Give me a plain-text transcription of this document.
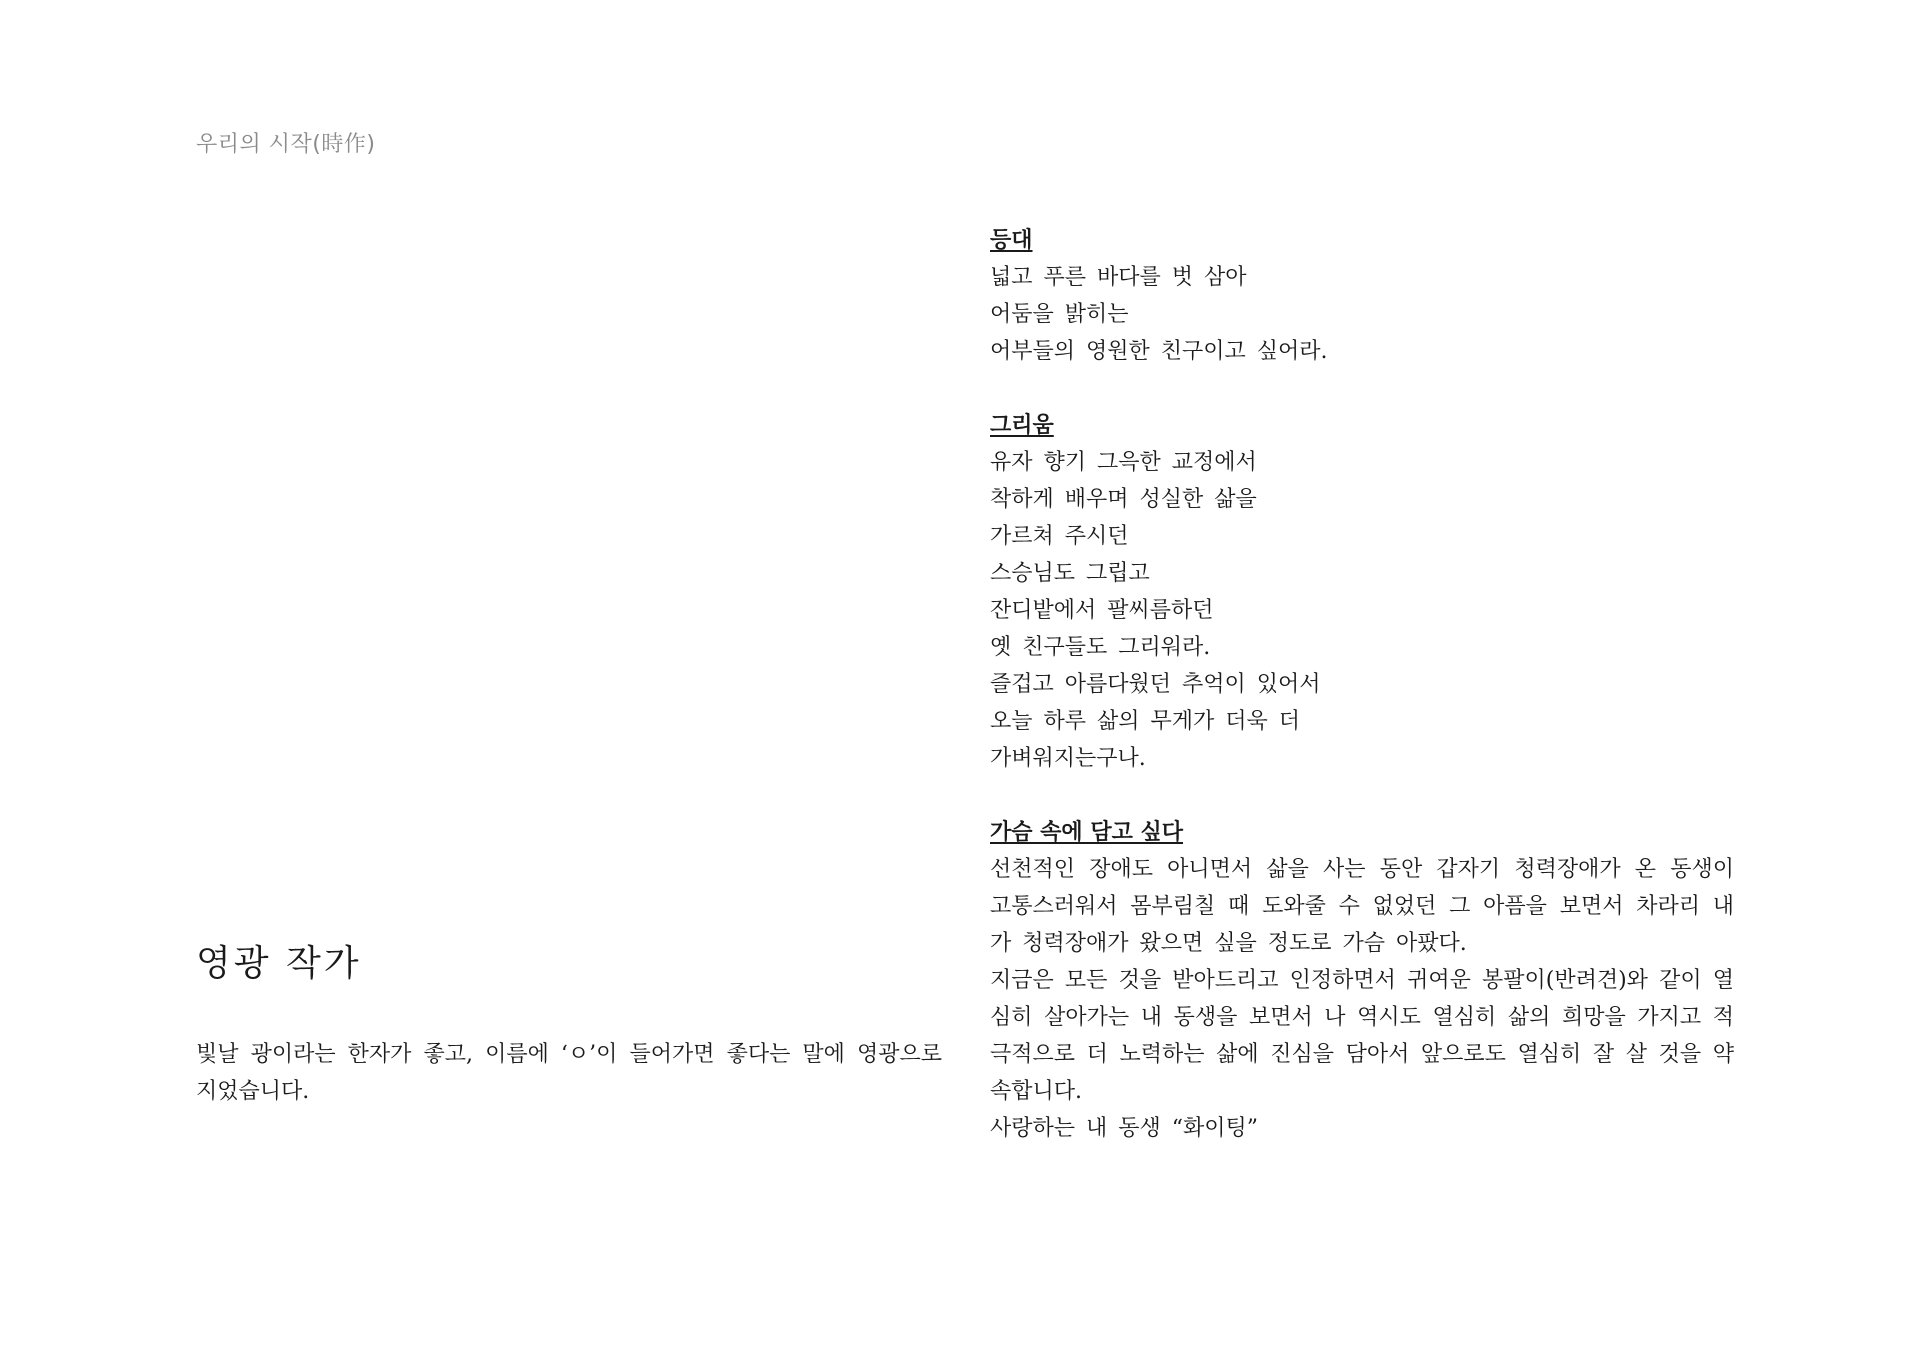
우리의 시작(時作)
영광 작가

빛날 광이라는 한자가 좋고, 이름에 ‘ㅇ’이 들어가면 좋다는 말에 영광으로 지었습니다.

등대

넓고 푸른 바다를 벗 삼아

어둠을 밝히는

어부들의 영원한 친구이고 싶어라.

그리움

유자 향기 그윽한 교정에서

착하게 배우며 성실한 삶을

가르쳐 주시던

스승님도 그립고

잔디밭에서 팔씨름하던

옛 친구들도 그리워라.

즐겁고 아름다웠던 추억이 있어서

오늘 하루 삶의 무게가 더욱 더

가벼워지는구나.

가슴 속에 담고 싶다

선천적인 장애도 아니면서 삶을 사는 동안 갑자기 청력장애가 온 동생이 고통스러워서 몸부림칠 때 도와줄 수 없었던 그 아픔을 보면서 차라리 내가 청력장애가 왔으면 싶을 정도로 가슴 아팠다.

지금은 모든 것을 받아드리고 인정하면서 귀여운 봉팔이(반려견)와 같이 열심히 살아가는 내 동생을 보면서 나 역시도 열심히 삶의 희망을 가지고 적극적으로 더 노력하는 삶에 진심을 담아서 앞으로도 열심히 잘 살 것을 약속합니다.

사랑하는 내 동생 “화이팅”
